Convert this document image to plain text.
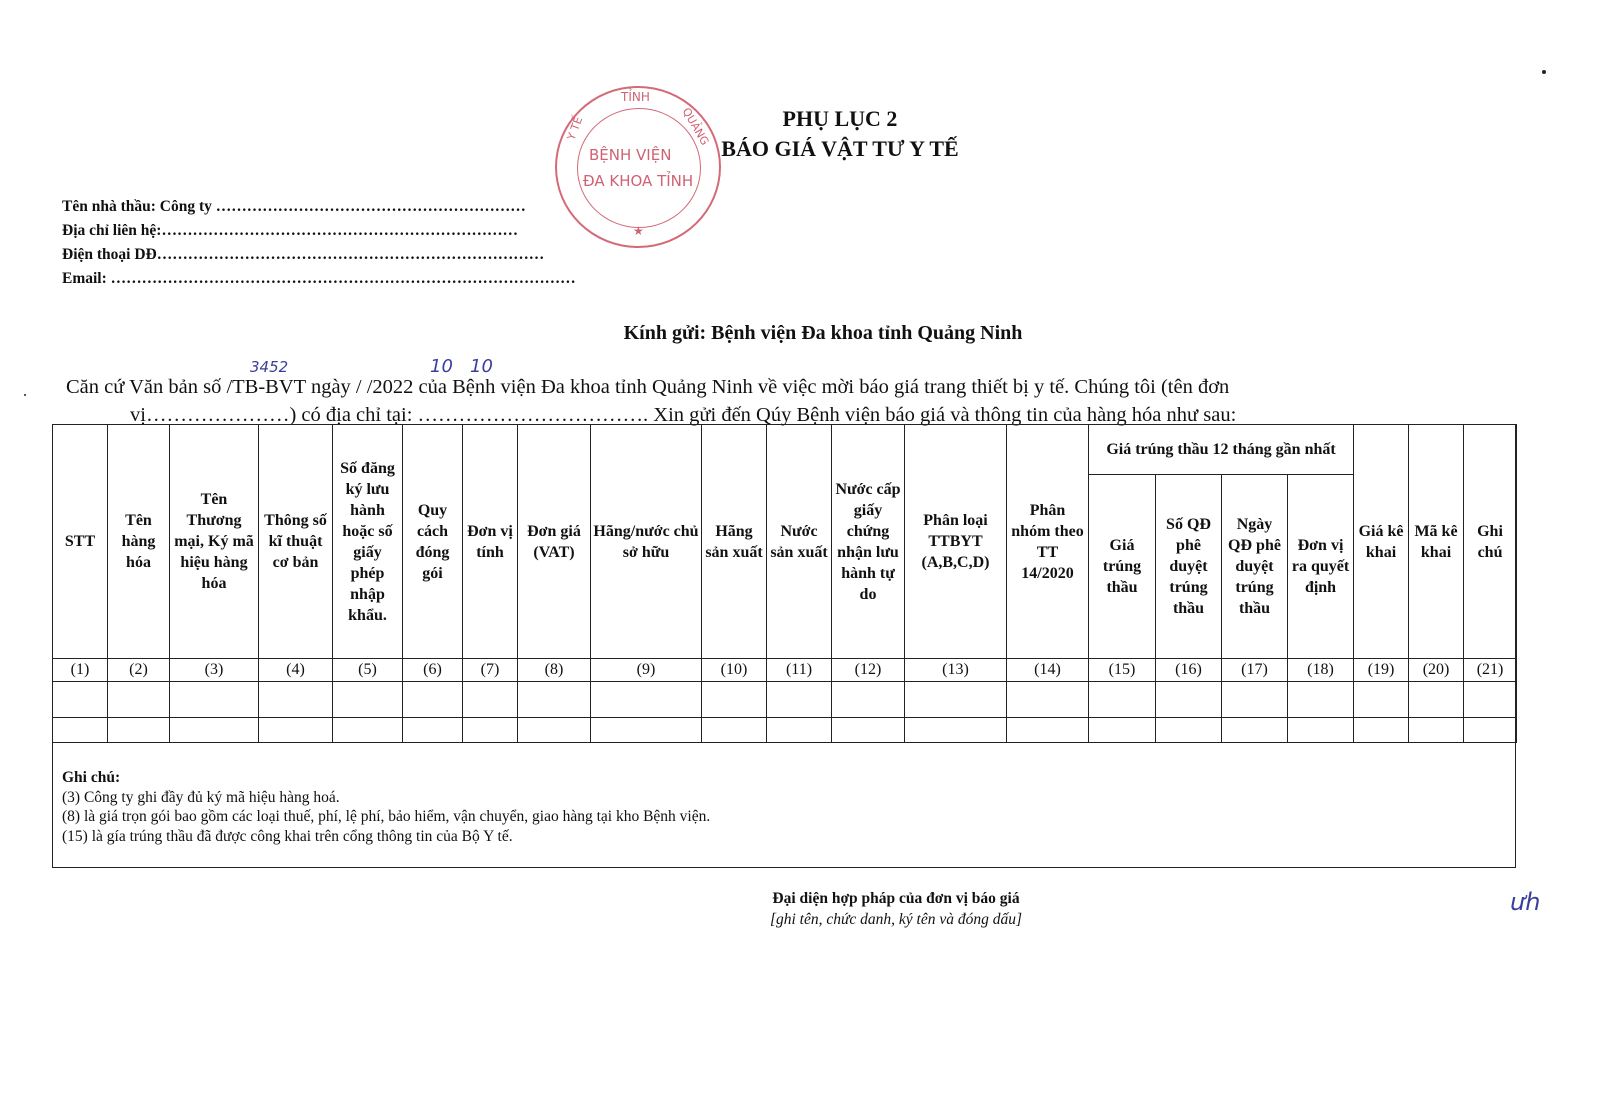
TỈNH
Y TẾ	QUẢNG
BỆNH VIỆN
ĐA KHOA TỈNH
★
PHỤ LỤC 2
BÁO GIÁ VẬT TƯ Y TẾ
Tên nhà thầu: Công ty ……………………………………………………
Địa chỉ liên hệ:……………………………………………………………
Điện thoại DĐ…………………………………………………………………
Email: ………………………………………………………………………………
Kính gửi: Bệnh viện Đa khoa tỉnh Quảng Ninh
Căn cứ Văn bản số /TB-BVT ngày / /2022 của Bệnh viện Đa khoa tỉnh Quảng Ninh về việc mời báo giá trang thiết bị y tế. Chúng tôi (tên đơn
vị…………………) có địa chỉ tại: ……………………………. Xin gửi đến Qúy Bệnh viện báo giá và thông tin của hàng hóa như sau:
3452	10 10
STT	Tên hàng hóa	Tên Thương mại, Ký mã hiệu hàng hóa	Thông số kĩ thuật cơ bản	Số đăng ký lưu hành hoặc số giấy phép nhập khẩu.	Quy cách đóng gói	Đơn vị tính	Đơn giá (VAT)	Hãng/nước chủ sở hữu	Hãng sản xuất	Nước sản xuất	Nước cấp giấy chứng nhận lưu hành tự do	Phân loại TTBYT (A,B,C,D)	Phân nhóm theo TT 14/2020	Giá trúng thầu 12 tháng gần nhất				Giá kê khai	Mã kê khai	Ghi chú
														Giá trúng thầu	Số QĐ phê duyệt trúng thầu	Ngày QĐ phê duyệt trúng thầu	Đơn vị ra quyết định			
(1)	(2)	(3)	(4)	(5)	(6)	(7)	(8)	(9)	(10)	(11)	(12)	(13)	(14)	(15)	(16)	(17)	(18)	(19)	(20)	(21)

Ghi chú:
(3) Công ty ghi đầy đủ ký mã hiệu hàng hoá.
(8) là giá trọn gói bao gồm các loại thuế, phí, lệ phí, bảo hiểm, vận chuyển, giao hàng tại kho Bệnh viện.
(15) là gía trúng thầu đã được công khai trên cổng thông tin của Bộ Y tế.
Đại diện hợp pháp của đơn vị báo giá
[ghi tên, chức danh, ký tên và đóng dấu]
ưh
